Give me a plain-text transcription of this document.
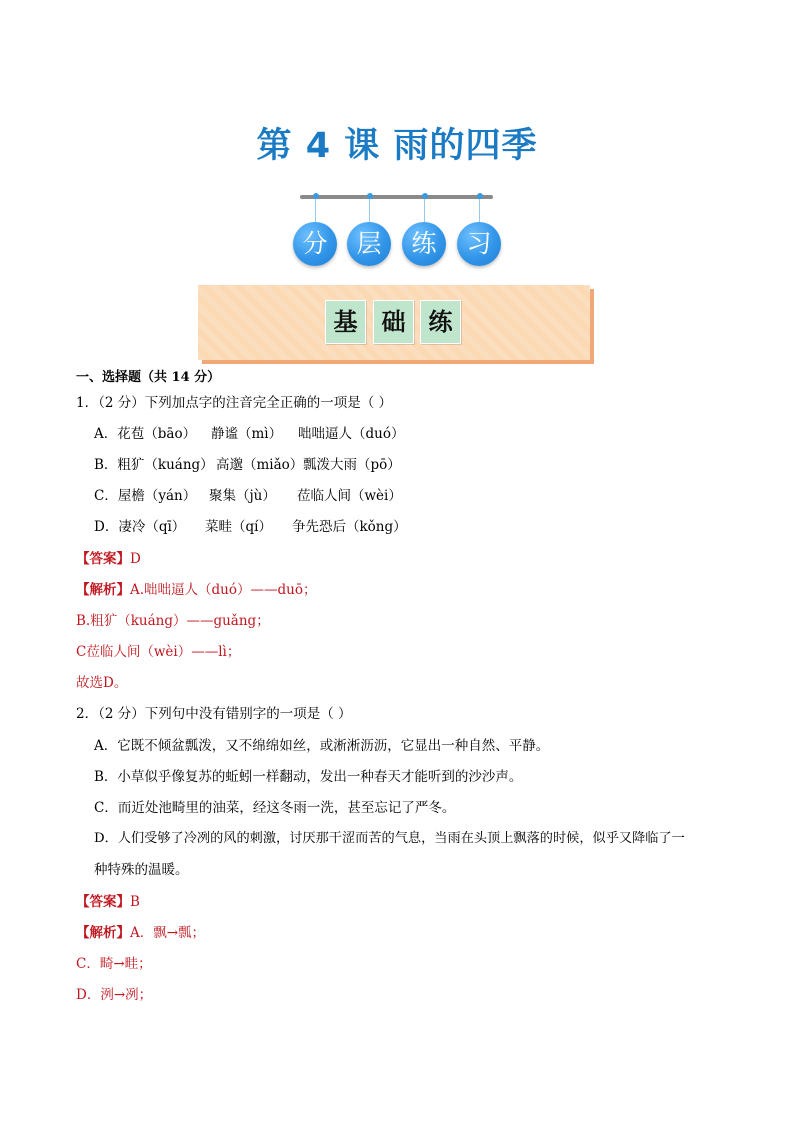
第 4 课 雨的四季
分	层	练	习
基	础 练
一、选择题（共 14 分）
1．（2 分）下列加点字的注音完全正确的一项是（ ）
A．花苞（bāo） 静谧（mì） 咄咄逼人（duó）
B．粗犷（kuáng） 高邈（miǎo）瓢泼大雨（pō）
C．屋檐（yán） 聚集（jù） 莅临人间（wèi）
D．凄冷（qī） 菜畦（qí） 争先恐后（kǒng）
【答案】D
【解析】A.咄咄逼人（duó）——duō；
B.粗犷（kuáng）——guǎng；
C莅临人间（wèi）——lì；
故选D。
2．（2 分）下列句中没有错别字的一项是（ ）
A．它既不倾盆瓢泼，又不绵绵如丝，或淅淅沥沥，它显出一种自然、平静。
B．小草似乎像复苏的蚯蚓一样翻动，发出一种春天才能听到的沙沙声。
C．而近处池畸里的油菜，经这冬雨一洗，甚至忘记了严冬。
D．人们受够了冷冽的风的刺激，讨厌那干涩而苦的气息，当雨在头顶上飘落的时候，似乎又降临了一
种特殊的温暖。
【答案】B
【解析】A．飘→瓢；
C．畸→畦；
D．洌→冽；
